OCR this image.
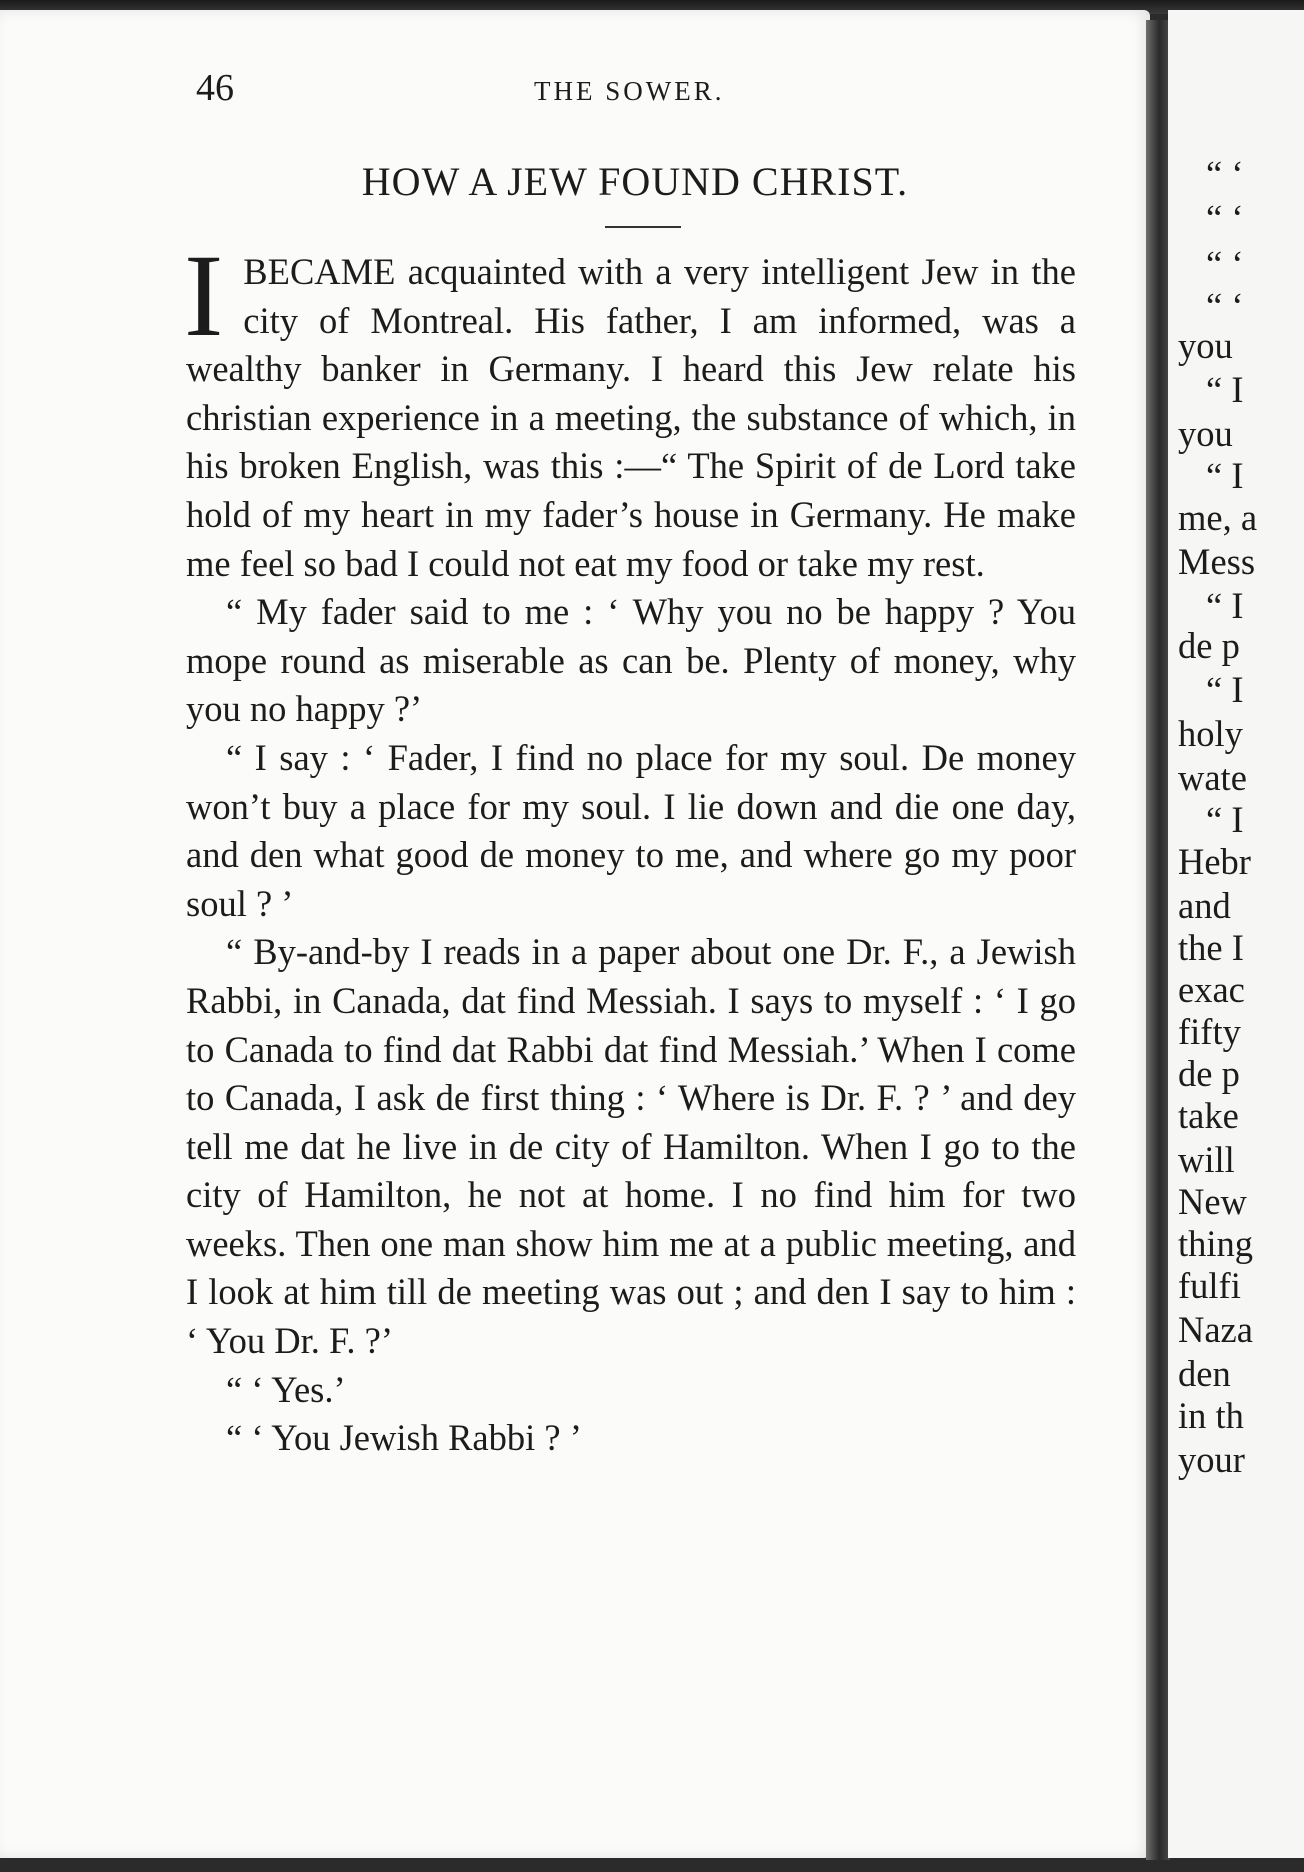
46	THE SOWER.
HOW A JEW FOUND CHRIST.

IBECAME acquainted with a very intelligent Jew in the city of Montreal. His father, I am informed, was a wealthy banker in Germany. I heard this Jew relate his christian experience in a meeting, the substance of which, in his broken English, was this :—“ The Spirit of de Lord take hold of my heart in my fader’s house in Germany. He make me feel so bad I could not eat my food or take my rest.

“ My fader said to me : ‘ Why you no be happy ? You mope round as miserable as can be. Plenty of money, why you no happy ?’

“ I say : ‘ Fader, I find no place for my soul. De money won’t buy a place for my soul. I lie down and die one day, and den what good de money to me, and where go my poor soul ? ’

“ By-and-by I reads in a paper about one Dr. F., a Jewish Rabbi, in Canada, dat find Messiah. I says to myself : ‘ I go to Canada to find dat Rabbi dat find Messiah.’ When I come to Canada, I ask de first thing : ‘ Where is Dr. F. ? ’ and dey tell me dat he live in de city of Hamilton. When I go to the city of Hamilton, he not at home. I no find him for two weeks. Then one man show him me at a public meeting, and I look at him till de meeting was out ; and den I say to him : ‘ You Dr. F. ?’

“ ‘ Yes.’

“ ‘ You Jewish Rabbi ? ’

“ ‘
“ ‘
“ ‘
“ ‘
you
“ I
you
“ I
me, a
Mess
“ I
de p
“ I
holy
wate
“ I
Hebr
and
the I
exac
fifty
de p
take
will
New
thing
fulfi
Naza
den
in th
your
